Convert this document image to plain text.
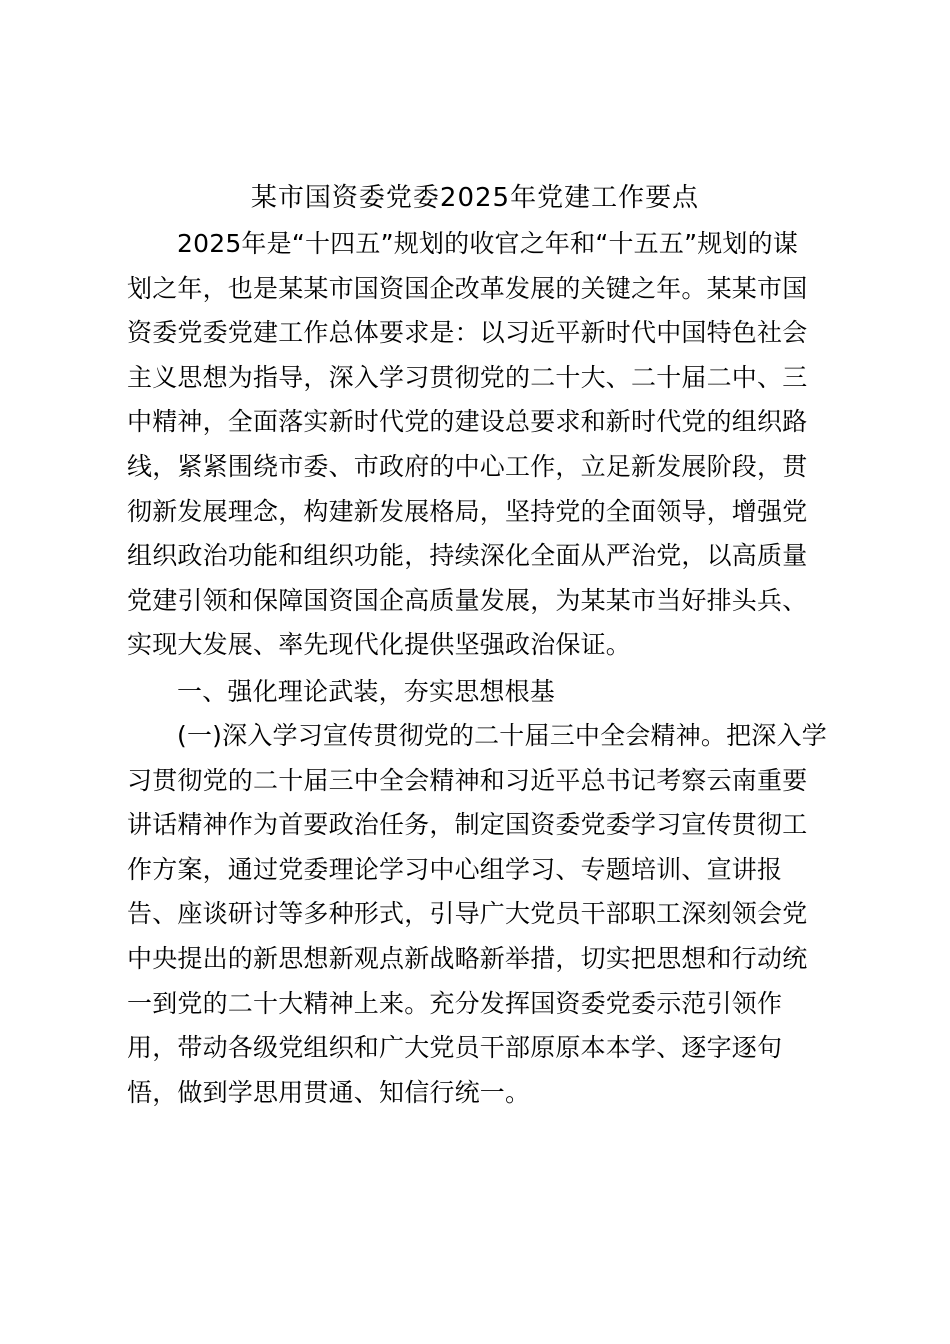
某市国资委党委2025年党建工作要点
2025年是“十四五”规划的收官之年和“十五五”规划的谋
划之年，也是某某市国资国企改革发展的关键之年。某某市国
资委党委党建工作总体要求是：以习近平新时代中国特色社会
主义思想为指导，深入学习贯彻党的二十大、二十届二中、三
中精神，全面落实新时代党的建设总要求和新时代党的组织路
线，紧紧围绕市委、市政府的中心工作，立足新发展阶段，贯
彻新发展理念，构建新发展格局，坚持党的全面领导，增强党
组织政治功能和组织功能，持续深化全面从严治党，以高质量
党建引领和保障国资国企高质量发展，为某某市当好排头兵、
实现大发展、率先现代化提供坚强政治保证。
一、强化理论武装，夯实思想根基
(一)深入学习宣传贯彻党的二十届三中全会精神。把深入学
习贯彻党的二十届三中全会精神和习近平总书记考察云南重要
讲话精神作为首要政治任务，制定国资委党委学习宣传贯彻工
作方案，通过党委理论学习中心组学习、专题培训、宣讲报
告、座谈研讨等多种形式，引导广大党员干部职工深刻领会党
中央提出的新思想新观点新战略新举措，切实把思想和行动统
一到党的二十大精神上来。充分发挥国资委党委示范引领作
用，带动各级党组织和广大党员干部原原本本学、逐字逐句
悟，做到学思用贯通、知信行统一。
